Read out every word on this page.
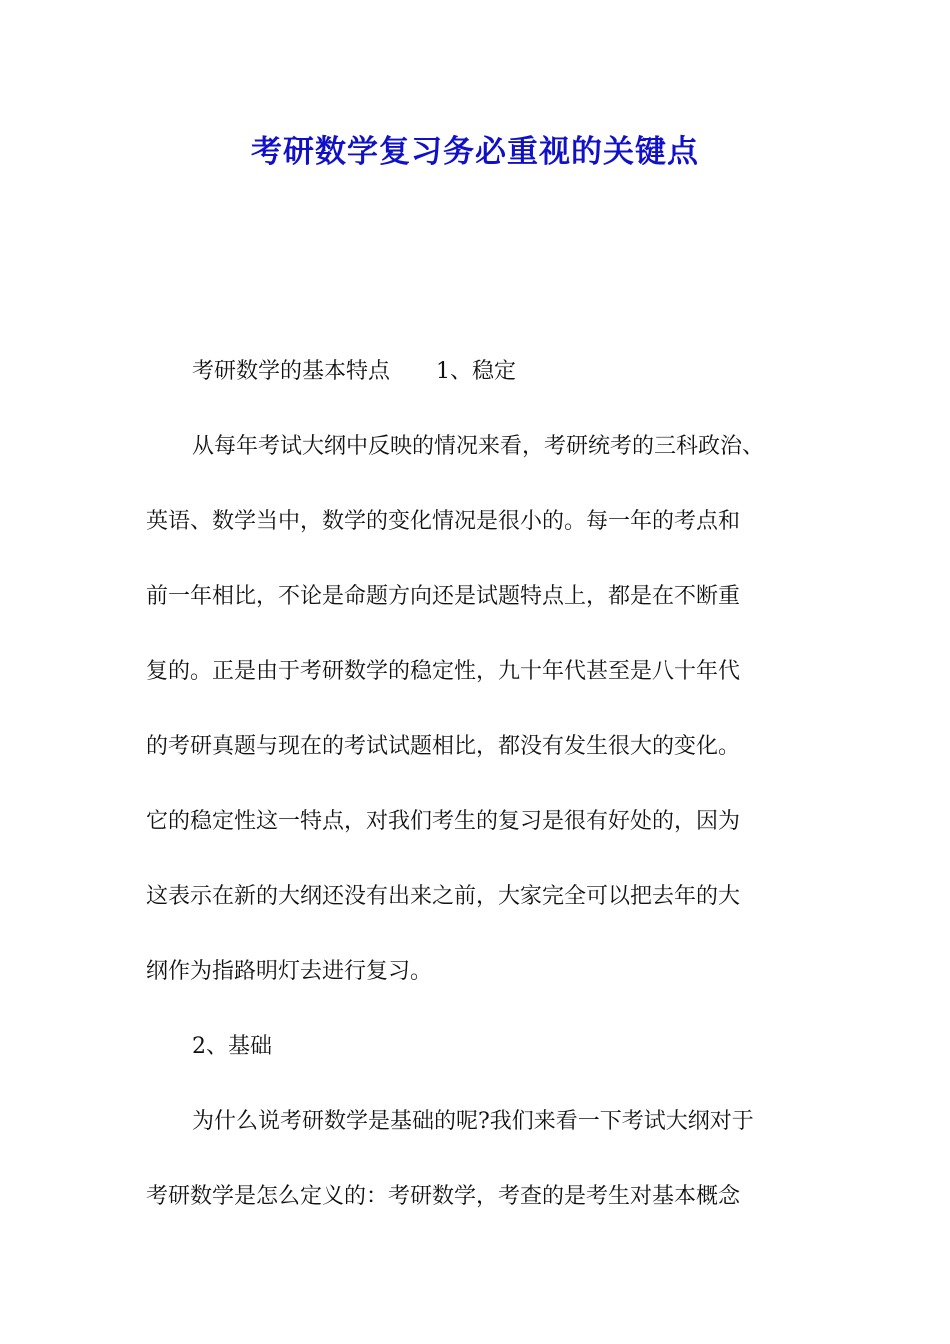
考研数学复习务必重视的关键点
考研数学的基本特点 1、稳定
从每年考试大纲中反映的情况来看，考研统考的三科政治、
英语、数学当中，数学的变化情况是很小的。每一年的考点和
前一年相比，不论是命题方向还是试题特点上，都是在不断重
复的。正是由于考研数学的稳定性，九十年代甚至是八十年代
的考研真题与现在的考试试题相比，都没有发生很大的变化。
它的稳定性这一特点，对我们考生的复习是很有好处的，因为
这表示在新的大纲还没有出来之前，大家完全可以把去年的大
纲作为指路明灯去进行复习。
2、基础
为什么说考研数学是基础的呢?我们来看一下考试大纲对于
考研数学是怎么定义的：考研数学，考查的是考生对基本概念
